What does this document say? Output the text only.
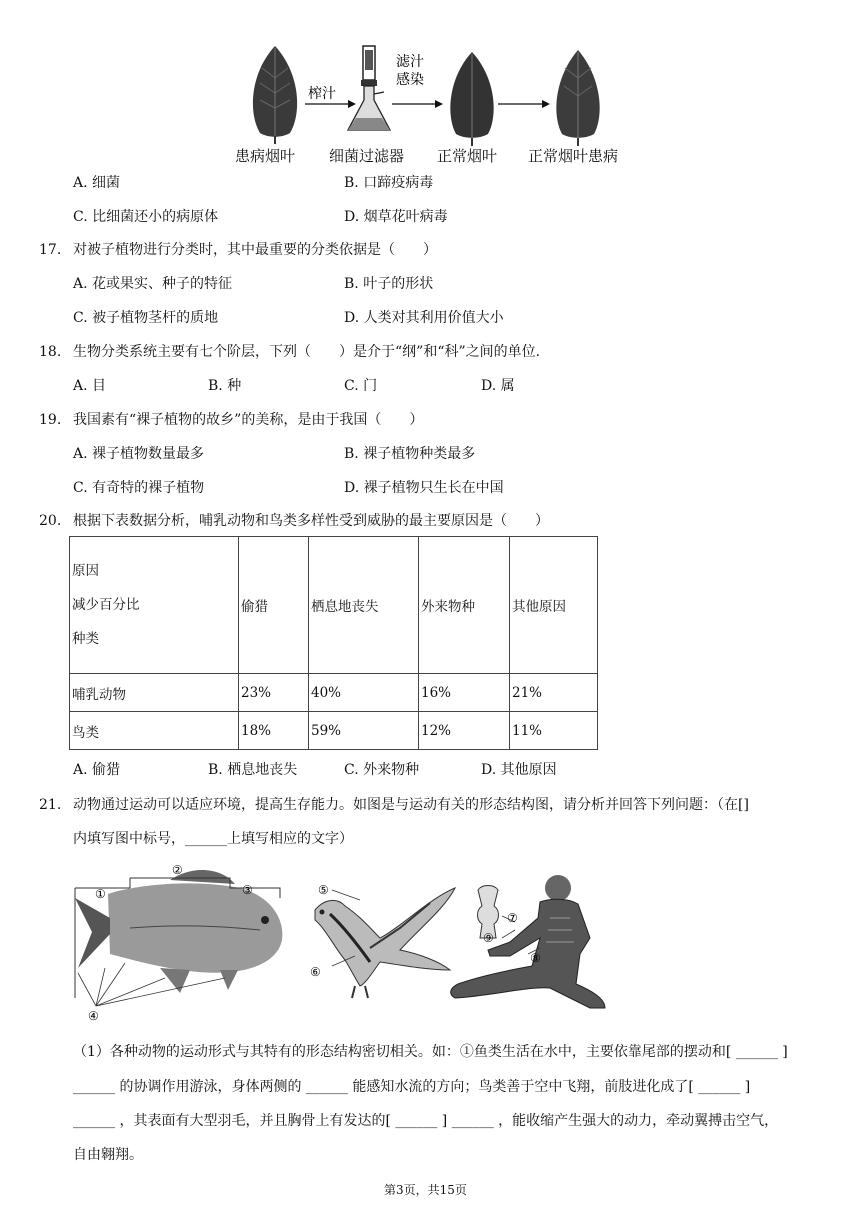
榨汁
滤汁
感染
患病烟叶 细菌过滤器 正常烟叶 正常烟叶患病
A. 细菌	B. 口蹄疫病毒
C. 比细菌还小的病原体	D. 烟草花叶病毒
17. 对被子植物进行分类时，其中最重要的分类依据是（　　）
A. 花或果实、种子的特征	B. 叶子的形状
C. 被子植物茎杆的质地	D. 人类对其利用价值大小
18. 生物分类系统主要有七个阶层，下列（　　）是介于“纲”和“科”之间的单位.
A. 目	B. 种	C. 门	D. 属
19. 我国素有“裸子植物的故乡”的美称，是由于我国（　　）
A. 裸子植物数量最多	B. 裸子植物种类最多
C. 有奇特的裸子植物	D. 裸子植物只生长在中国
20. 根据下表数据分析，哺乳动物和鸟类多样性受到威胁的最主要原因是（　　）
原因
减少百分比
种类	偷猎	栖息地丧失	外来物种	其他原因
哺乳动物	23%	40%	16%	21%
鸟类	18%	59%	12%	11%
A. 偷猎	B. 栖息地丧失	C. 外来物种	D. 其他原因
21. 动物通过运动可以适应环境，提高生存能力。如图是与运动有关的形态结构图，请分析并回答下列问题：（在[]
内填写图中标号，______上填写相应的文字）
①
②
③
④
⑤
⑥
⑦
⑨
⑧
（1）各种动物的运动形式与其特有的形态结构密切相关。如：①鱼类生活在水中，主要依靠尾部的摆动和[ ______ ]
______ 的协调作用游泳，身体两侧的 ______ 能感知水流的方向；鸟类善于空中飞翔，前肢进化成了[ ______ ]
______ ，其表面有大型羽毛，并且胸骨上有发达的[ ______ ] ______ ，能收缩产生强大的动力，牵动翼搏击空气，
自由翱翔。
第3页，共15页
